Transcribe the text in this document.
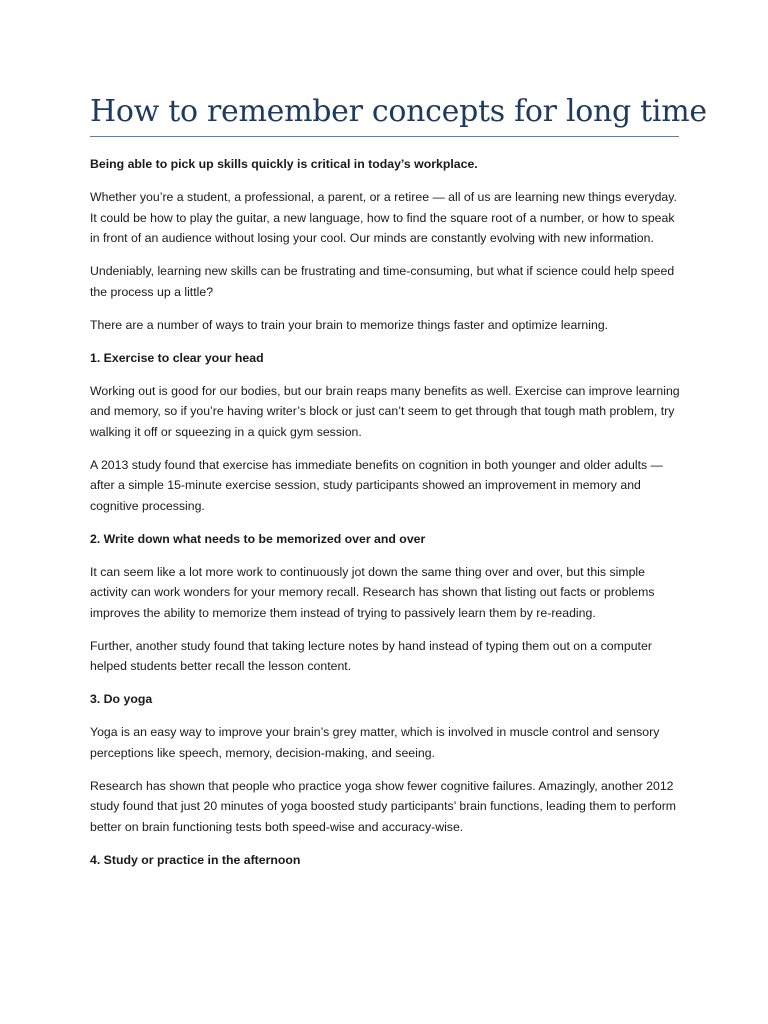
How to remember concepts for long time

Being able to pick up skills quickly is critical in today’s workplace.

Whether you’re a student, a professional, a parent, or a retiree — all of us are learning new things everyday. It could be how to play the guitar, a new language, how to find the square root of a number, or how to speak in front of an audience without losing your cool. Our minds are constantly evolving with new information.

Undeniably, learning new skills can be frustrating and time-consuming, but what if science could help speed the process up a little?

There are a number of ways to train your brain to memorize things faster and optimize learning.

1. Exercise to clear your head

Working out is good for our bodies, but our brain reaps many benefits as well. Exercise can improve learning and memory, so if you’re having writer’s block or just can’t seem to get through that tough math problem, try walking it off or squeezing in a quick gym session.

A 2013 study found that exercise has immediate benefits on cognition in both younger and older adults — after a simple 15-minute exercise session, study participants showed an improvement in memory and cognitive processing.

2. Write down what needs to be memorized over and over

It can seem like a lot more work to continuously jot down the same thing over and over, but this simple activity can work wonders for your memory recall. Research has shown that listing out facts or problems improves the ability to memorize them instead of trying to passively learn them by re-reading.

Further, another study found that taking lecture notes by hand instead of typing them out on a computer helped students better recall the lesson content.

3. Do yoga

Yoga is an easy way to improve your brain’s grey matter, which is involved in muscle control and sensory perceptions like speech, memory, decision-making, and seeing.

Research has shown that people who practice yoga show fewer cognitive failures. Amazingly, another 2012 study found that just 20 minutes of yoga boosted study participants’ brain functions, leading them to perform better on brain functioning tests both speed-wise and accuracy-wise.

4. Study or practice in the afternoon
